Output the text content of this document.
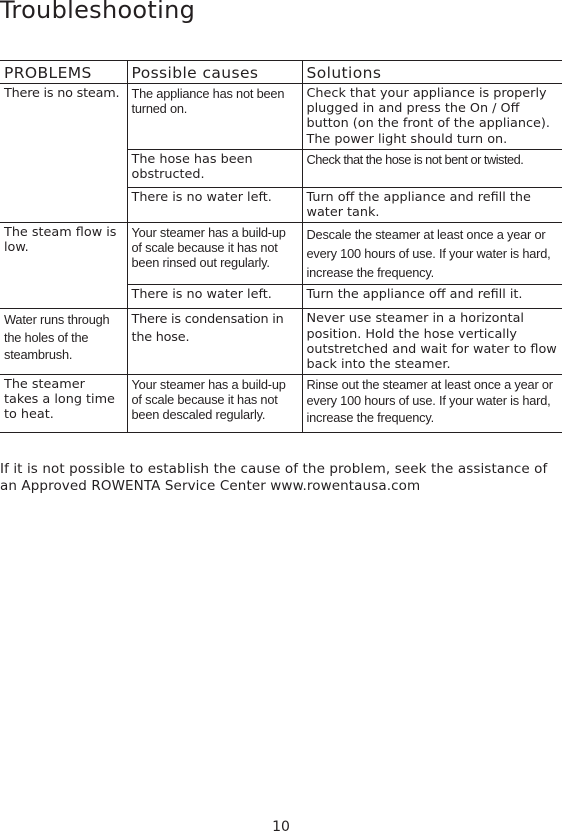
Troubleshooting
PROBLEMS	Possible causes	Solutions
There is no steam.	The appliance has not been turned on.	Check that your appliance is properly plugged in and press the On / Off button (on the front of the appliance). The power light should turn on.
	The hose has been obstructed.	Check that the hose is not bent or twisted.
	There is no water left.	Turn off the appliance and refill the water tank.
The steam flow is low.	Your steamer has a build-up of scale because it has not been rinsed out regularly.	Descale the steamer at least once a year or every 100 hours of use. If your water is hard, increase the frequency.
	There is no water left.	Turn the appliance off and refill it.
Water runs through the holes of the steambrush.	There is condensation in the hose.	Never use steamer in a horizontal position. Hold the hose vertically outstretched and wait for water to flow back into the steamer.
The steamer takes a long time to heat.	Your steamer has a build-up of scale because it has not been descaled regularly.	Rinse out the steamer at least once a year or every 100 hours of use. If your water is hard, increase the frequency.
If it is not possible to establish the cause of the problem, seek the assistance of an Approved ROWENTA Service Center www.rowentausa.com
10
